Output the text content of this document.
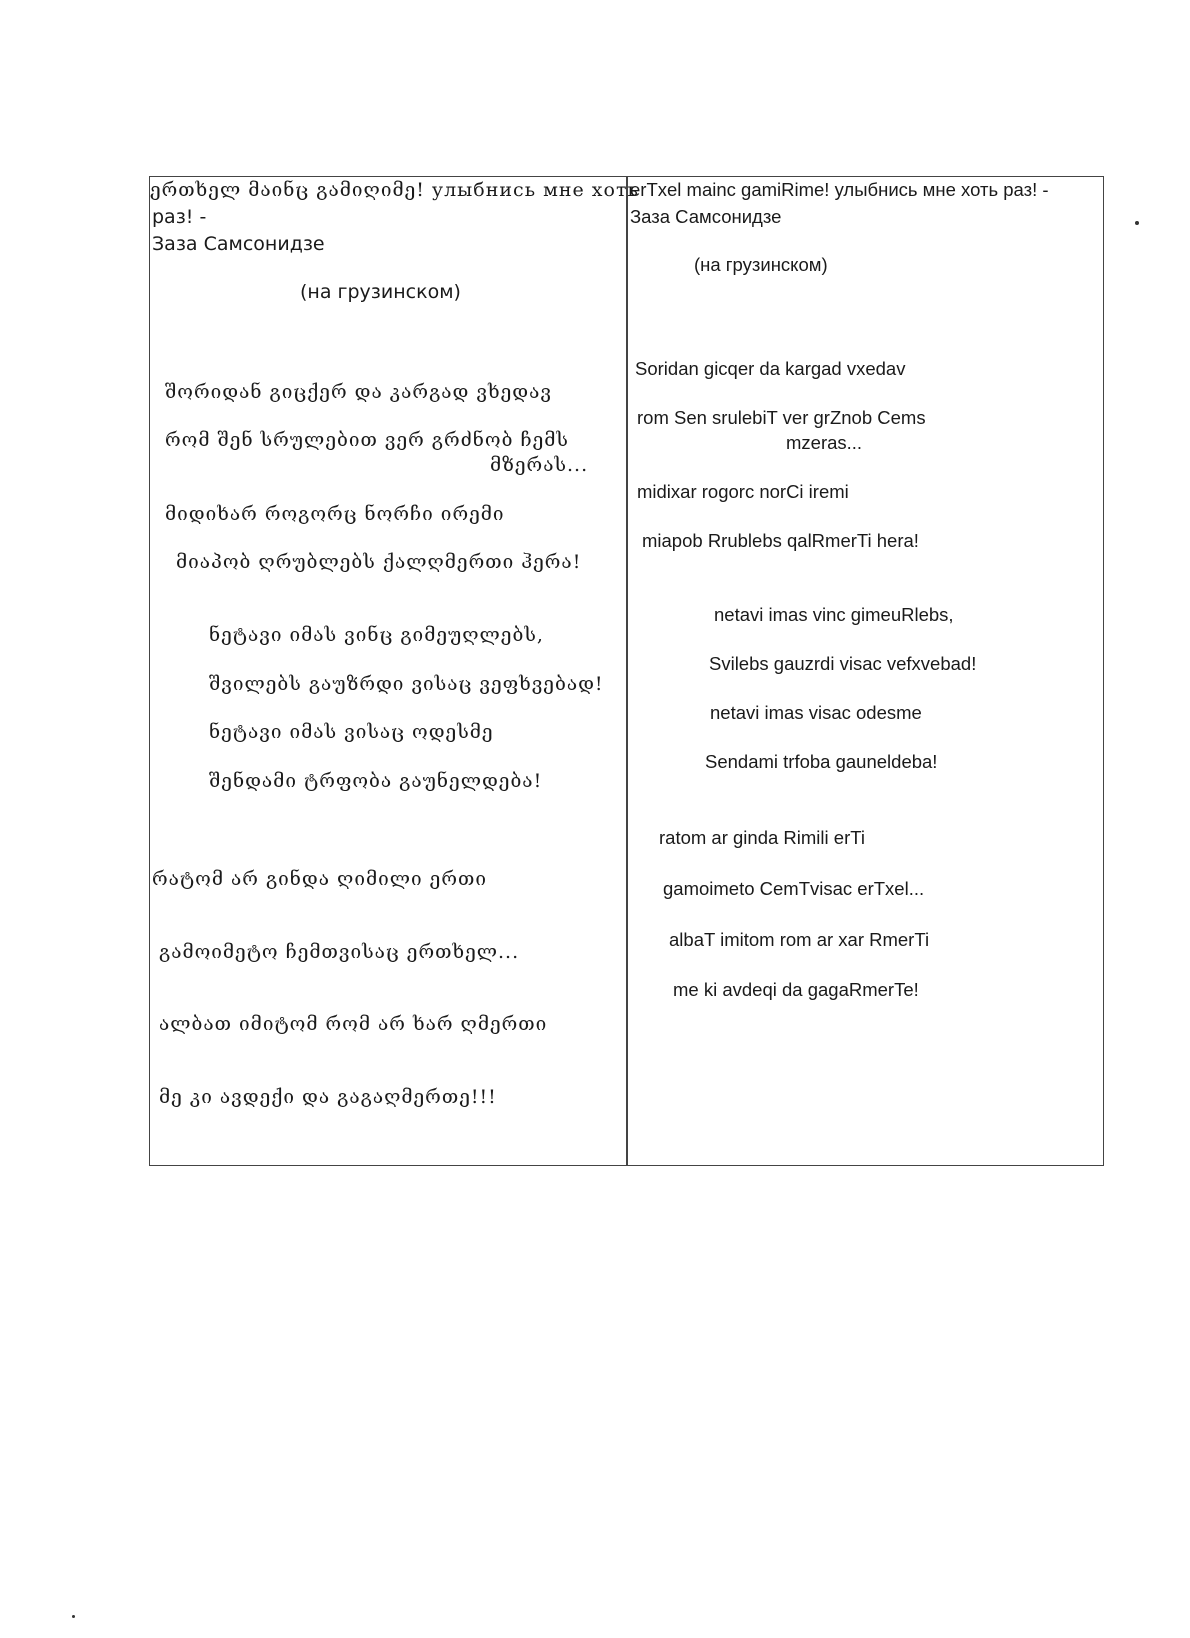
ერთხელ მაინც გამიღიმე! улыбнись мне хоть
раз! -
Заза Самсонидзе
(на грузинском)
შორიდან გიცქერ და კარგად ვხედავ
რომ შენ სრულებით ვერ გრძნობ ჩემს
მზერას...
მიდიხარ როგორც ნორჩი ირემი
მიაპობ ღრუბლებს ქალღმერთი ჰერა!
ნეტავი იმას ვინც გიმეუღლებს,
შვილებს გაუზრდი ვისაც ვეფხვებად!
ნეტავი იმას ვისაც ოდესმე
შენდამი ტრფობა გაუნელდება!
რატომ არ გინდა ღიმილი ერთი
გამოიმეტო ჩემთვისაც ერთხელ...
ალბათ იმიტომ რომ არ ხარ ღმერთი
მე კი ავდექი და გაგაღმერთე!!!
erTxel mainc gamiRime! улыбнись мне хоть раз! -
Заза Самсонидзе
(на грузинском)
Soridan gicqer da kargad vxedav
rom Sen srulebiT ver grZnob Cems
mzeras...
midixar rogorc norCi iremi
miapob Rrublebs qalRmerTi hera!
netavi imas vinc gimeuRlebs,
Svilebs gauzrdi visac vefxvebad!
netavi imas visac odesme
Sendami trfoba gauneldeba!
ratom ar ginda Rimili erTi
gamoimeto CemTvisac erTxel...
albaT imitom rom ar xar RmerTi
me ki avdeqi da gagaRmerTe!
